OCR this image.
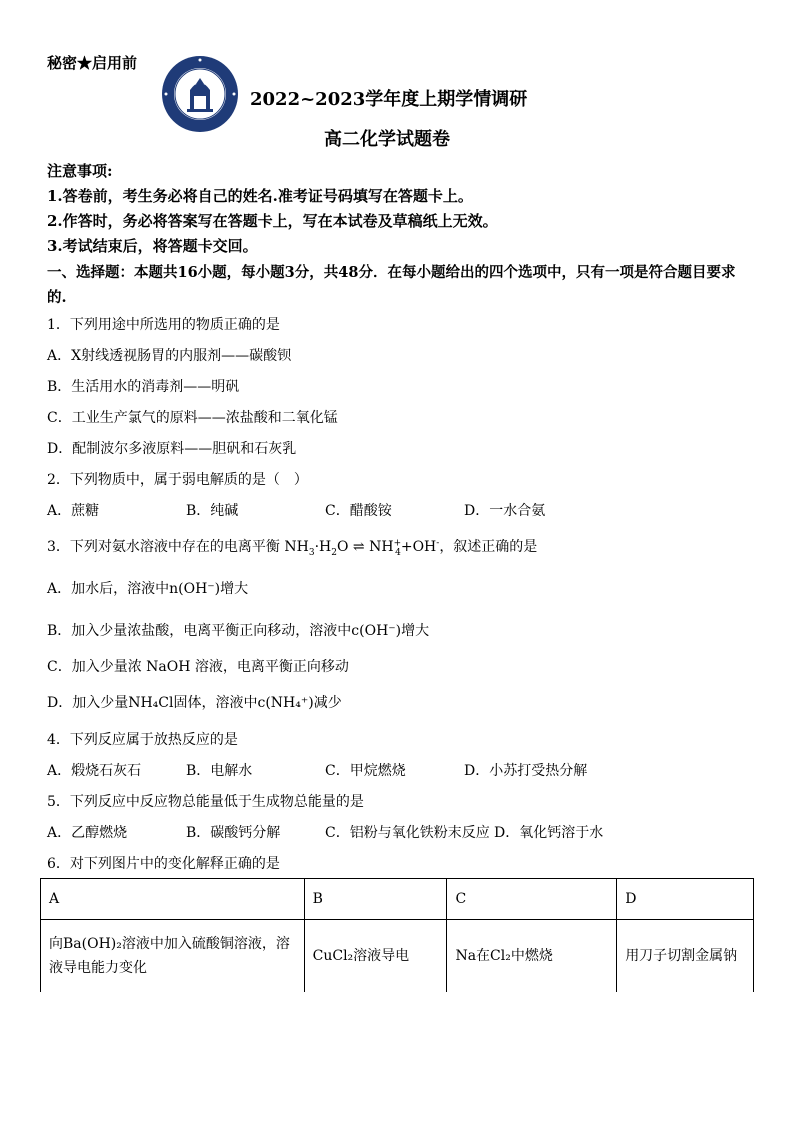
秘密★启用前
2022~2023学年度上期学情调研
高二化学试题卷
注意事项:
1.答卷前，考生务必将自己的姓名.准考证号码填写在答题卡上。
2.作答时，务必将答案写在答题卡上，写在本试卷及草稿纸上无效。
3.考试结束后，将答题卡交回。
一、选择题：本题共16小题，每小题3分，共48分．在每小题给出的四个选项中，只有一项是符合题目要求
的.
1．下列用途中所选用的物质正确的是
A．X射线透视肠胃的内服剂——碳酸钡
B．生活用水的消毒剂——明矾
C．工业生产氯气的原料——浓盐酸和二氧化锰
D．配制波尔多液原料——胆矾和石灰乳
2．下列物质中，属于弱电解质的是（　）
A．蔗糖	B．纯碱	C．醋酸铵	D．一水合氨
3．下列对氨水溶液中存在的电离平衡 $NH_3\cdot H_2O$ ⇌ $NH^+_4+OH^-$，叙述正确的是
A．加水后，溶液中n(OH⁻)增大
B．加入少量浓盐酸，电离平衡正向移动，溶液中c(OH⁻)增大
C．加入少量浓 NaOH 溶液，电离平衡正向移动
D．加入少量NH₄Cl固体，溶液中c(NH₄⁺)减少
4．下列反应属于放热反应的是
A．煅烧石灰石	B．电解水	C．甲烷燃烧	D．小苏打受热分解
5．下列反应中反应物总能量低于生成物总能量的是
A．乙醇燃烧	B．碳酸钙分解	C．铝粉与氧化铁粉末反应 D．氧化钙溶于水
6．对下列图片中的变化解释正确的是
A	B	C	D
向Ba(OH)₂溶液中加入硫酸铜溶液，溶液导电能力变化	CuCl₂溶液导电	Na在Cl₂中燃烧	用刀子切割金属钠
